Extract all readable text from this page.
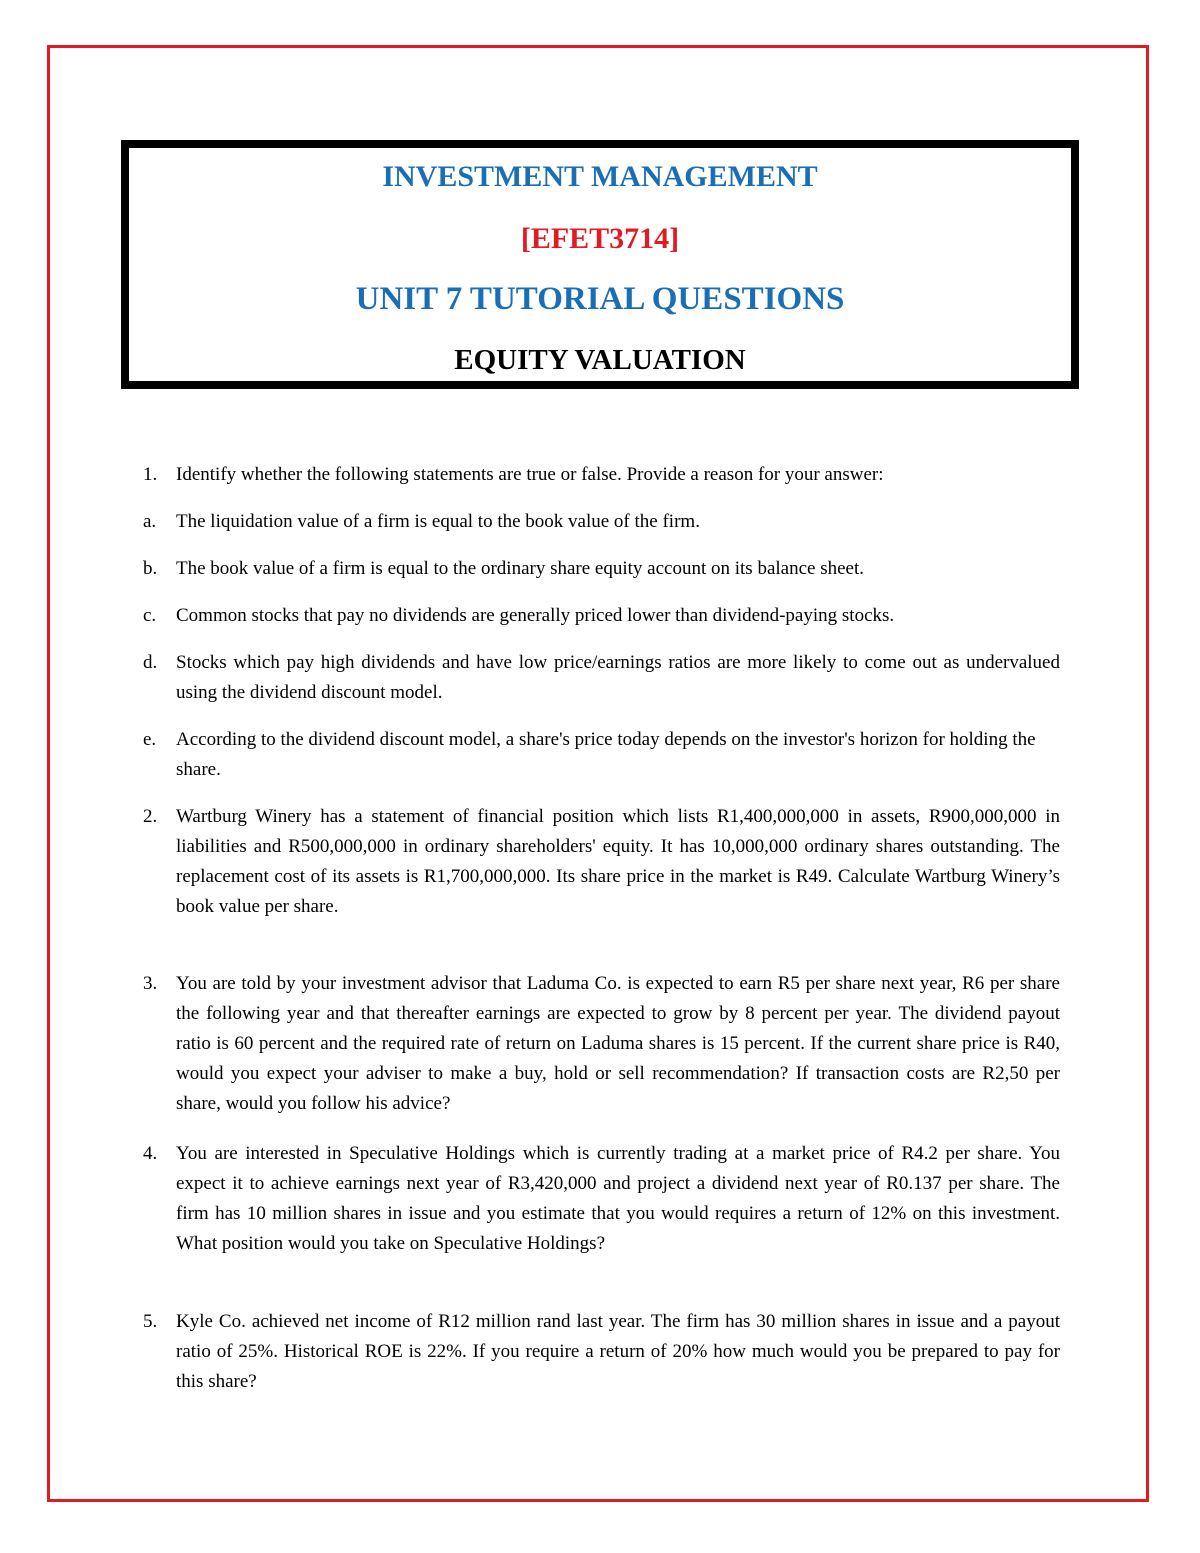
INVESTMENT MANAGEMENT

[EFET3714]

UNIT 7 TUTORIAL QUESTIONS

EQUITY VALUATION

1. Identify whether the following statements are true or false. Provide a reason for your answer:
a.	The liquidation value of a firm is equal to the book value of the firm.
b. The book value of a firm is equal to the ordinary share equity account on its balance sheet.
c.	Common stocks that pay no dividends are generally priced lower than dividend-paying stocks.
d. Stocks which pay high dividends and have low price/earnings ratios are more likely to come out as undervalued using the dividend discount model.
e.	According to the dividend discount model, a share's price today depends on the investor's horizon for holding the share.
2. Wartburg Winery has a statement of financial position which lists R1,400,000,000 in assets, R900,000,000 in liabilities and R500,000,000 in ordinary shareholders' equity. It has 10,000,000 ordinary shares outstanding. The replacement cost of its assets is R1,700,000,000. Its share price in the market is R49. Calculate Wartburg Winery’s book value per share.
3. You are told by your investment advisor that Laduma Co. is expected to earn R5 per share next year, R6 per share the following year and that thereafter earnings are expected to grow by 8 percent per year. The dividend payout ratio is 60 percent and the required rate of return on Laduma shares is 15 percent. If the current share price is R40, would you expect your adviser to make a buy, hold or sell recommendation? If transaction costs are R2,50 per share, would you follow his advice?
4. You are interested in Speculative Holdings which is currently trading at a market price of R4.2 per share. You expect it to achieve earnings next year of R3,420,000 and project a dividend next year of R0.137 per share. The firm has 10 million shares in issue and you estimate that you would requires a return of 12% on this investment. What position would you take on Speculative Holdings?
5. Kyle Co. achieved net income of R12 million rand last year. The firm has 30 million shares in issue and a payout ratio of 25%. Historical ROE is 22%. If you require a return of 20% how much would you be prepared to pay for this share?
